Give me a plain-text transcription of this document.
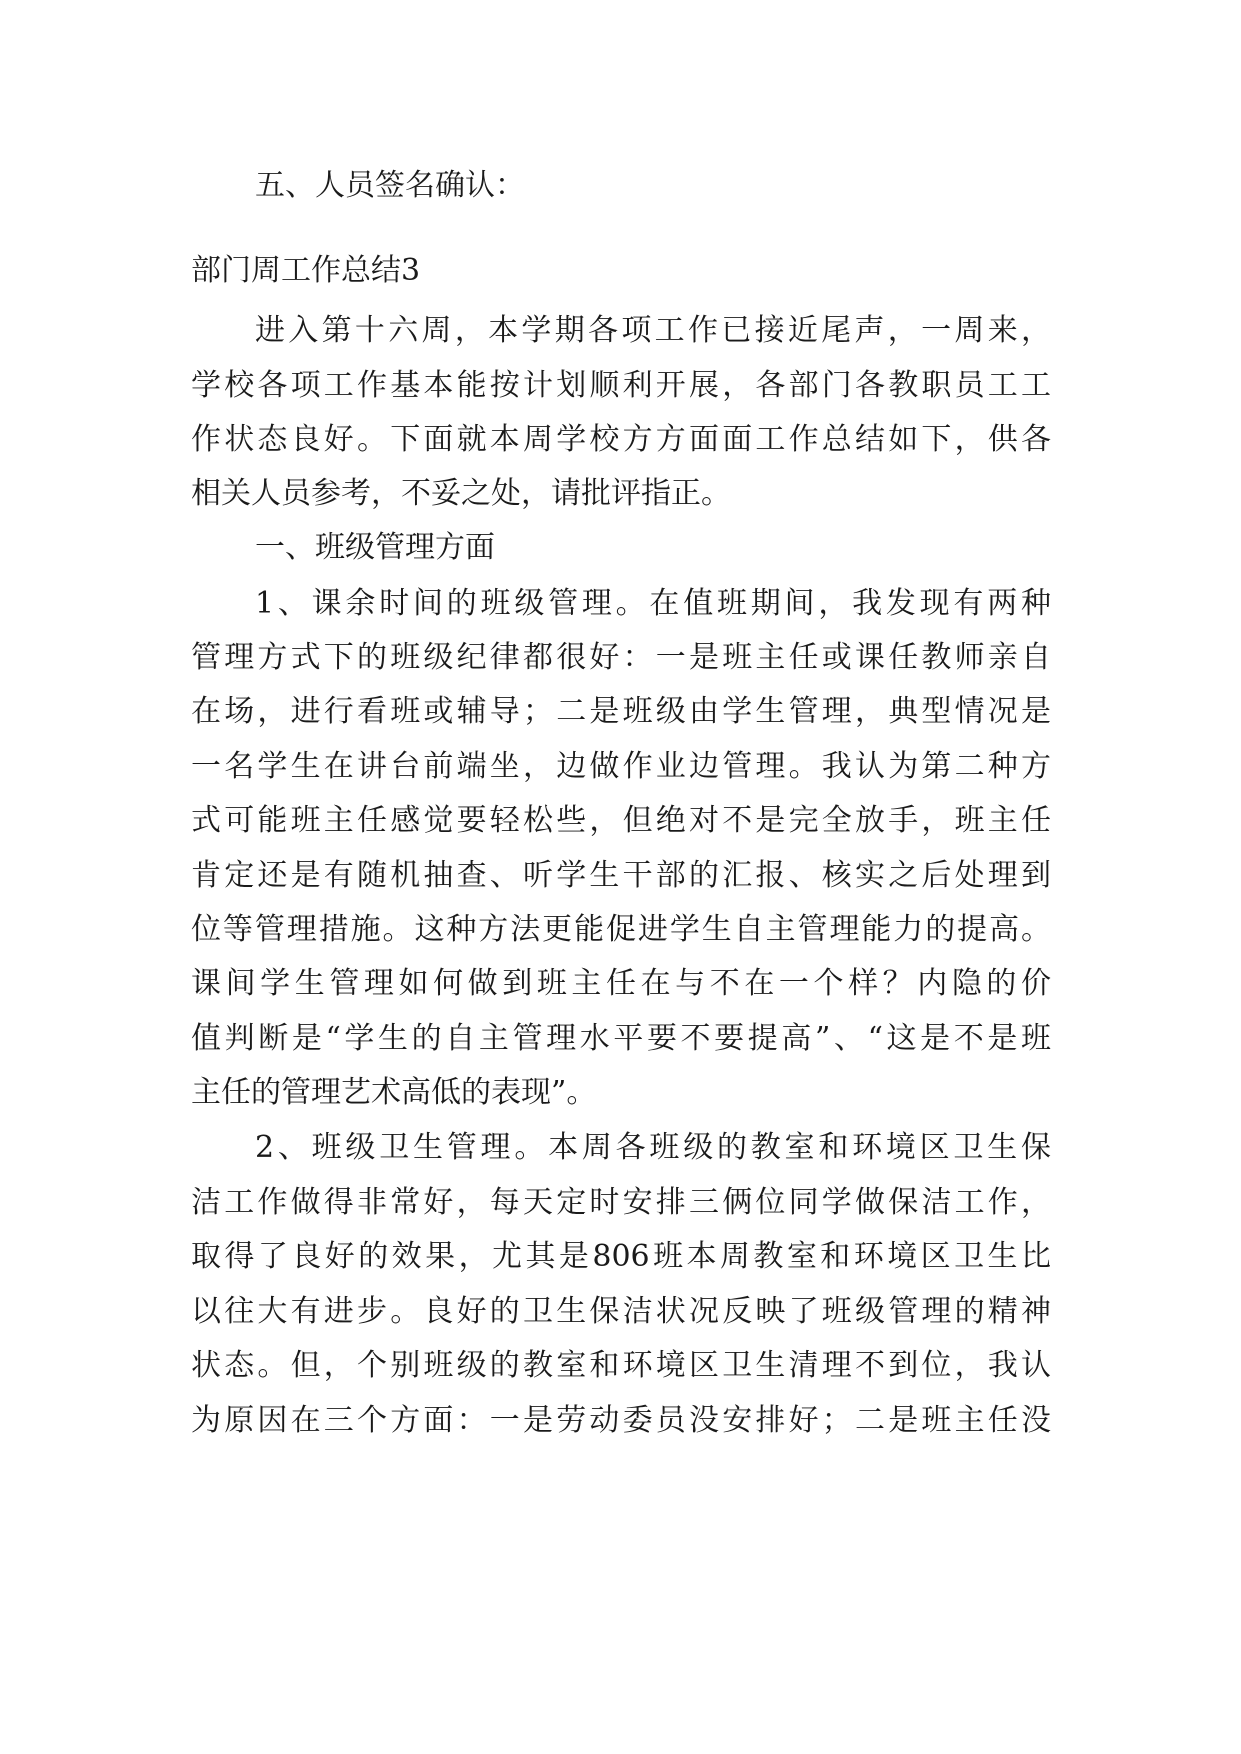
五、人员签名确认：
部门周工作总结3
进入第十六周，本学期各项工作已接近尾声，一周来，
学校各项工作基本能按计划顺利开展，各部门各教职员工工
作状态良好。下面就本周学校方方面面工作总结如下，供各
相关人员参考，不妥之处，请批评指正。
一、班级管理方面
1、课余时间的班级管理。在值班期间，我发现有两种
管理方式下的班级纪律都很好：一是班主任或课任教师亲自
在场，进行看班或辅导；二是班级由学生管理，典型情况是
一名学生在讲台前端坐，边做作业边管理。我认为第二种方
式可能班主任感觉要轻松些，但绝对不是完全放手，班主任
肯定还是有随机抽查、听学生干部的汇报、核实之后处理到
位等管理措施。这种方法更能促进学生自主管理能力的提高。
课间学生管理如何做到班主任在与不在一个样？内隐的价
值判断是“学生的自主管理水平要不要提高”、“这是不是班
主任的管理艺术高低的表现”。
2、班级卫生管理。本周各班级的教室和环境区卫生保
洁工作做得非常好，每天定时安排三俩位同学做保洁工作，
取得了良好的效果，尤其是806班本周教室和环境区卫生比
以往大有进步。良好的卫生保洁状况反映了班级管理的精神
状态。但，个别班级的教室和环境区卫生清理不到位，我认
为原因在三个方面：一是劳动委员没安排好；二是班主任没
